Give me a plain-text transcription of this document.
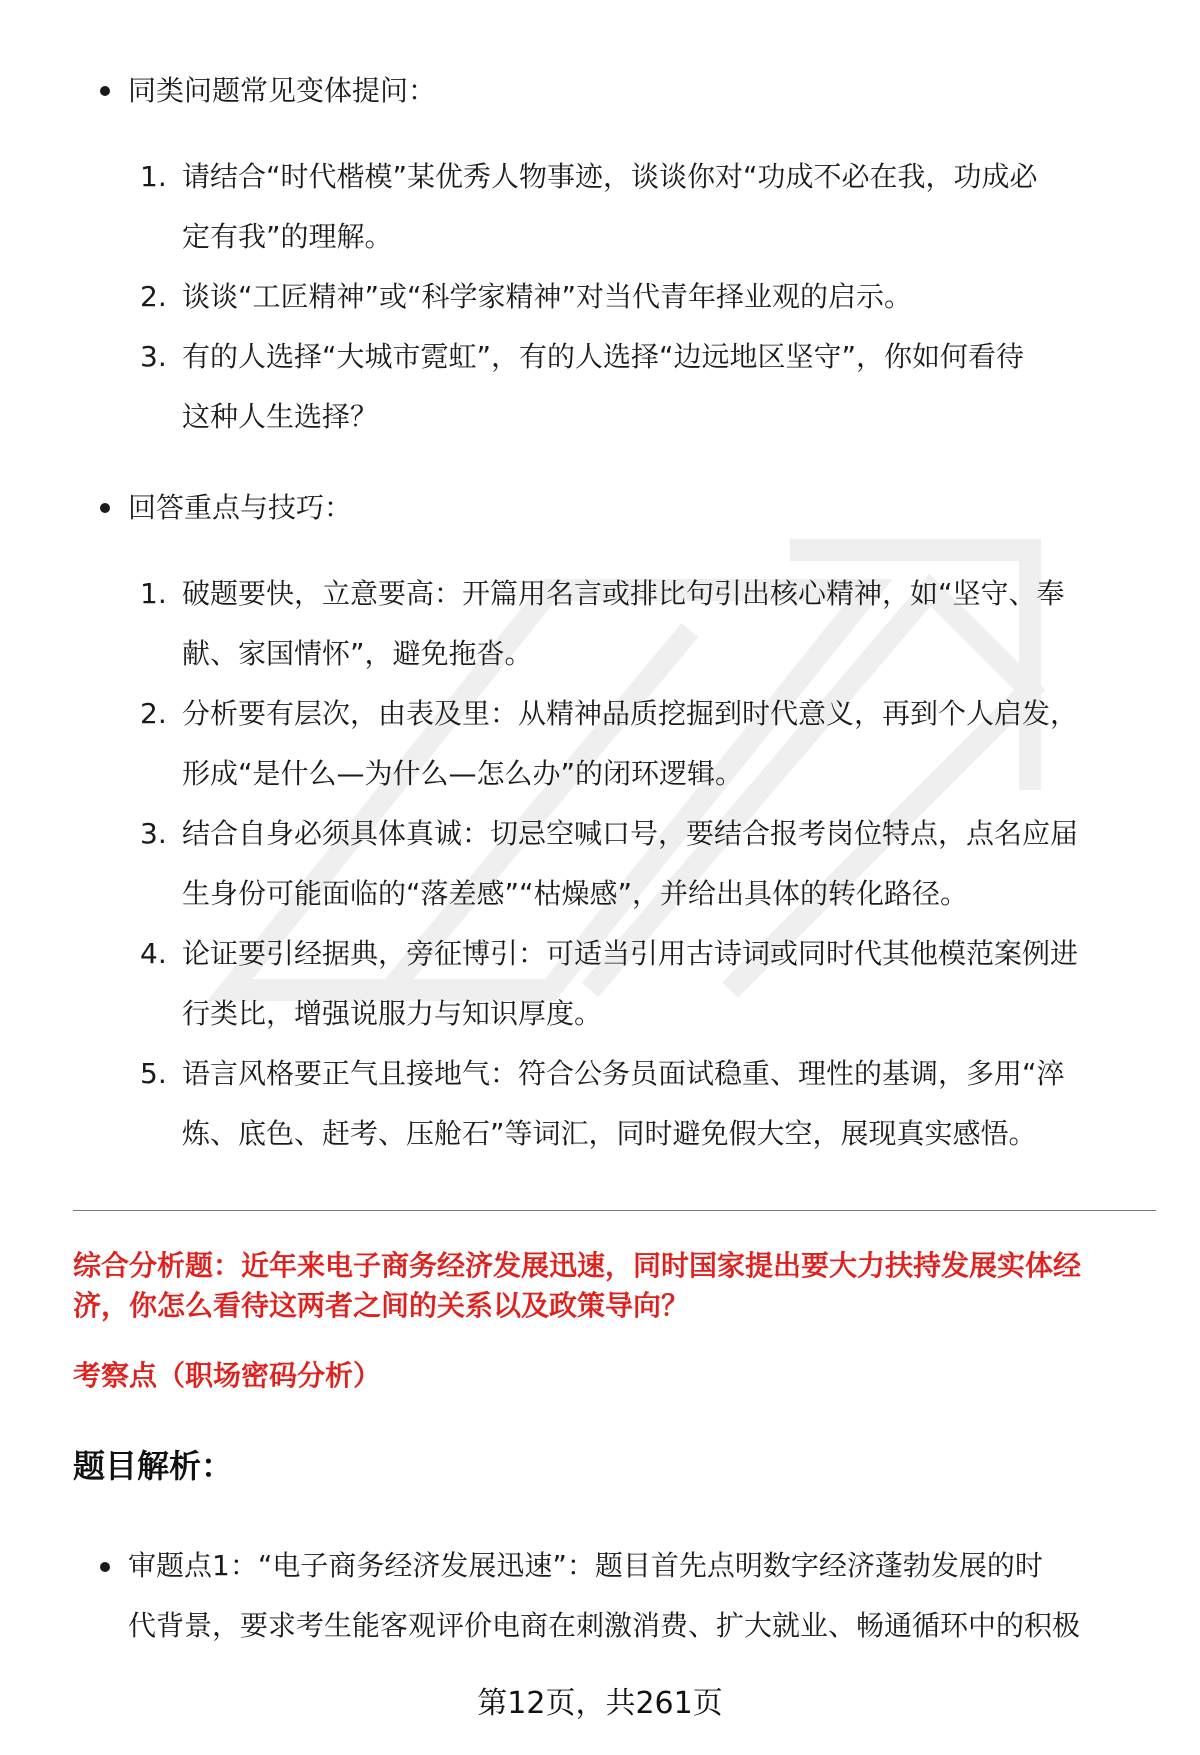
同类问题常见变体提问：
1. 请结合“时代楷模”某优秀人物事迹，谈谈你对“功成不必在我，功成必
定有我”的理解。
2. 谈谈“工匠精神”或“科学家精神”对当代青年择业观的启示。
3. 有的人选择“大城市霓虹”，有的人选择“边远地区坚守”，你如何看待
这种人生选择？
回答重点与技巧：
1. 破题要快，立意要高：开篇用名言或排比句引出核心精神，如“坚守、奉
献、家国情怀”，避免拖沓。
2. 分析要有层次，由表及里：从精神品质挖掘到时代意义，再到个人启发，
形成“是什么—为什么—怎么办”的闭环逻辑。
3. 结合自身必须具体真诚：切忌空喊口号，要结合报考岗位特点，点名应届
生身份可能面临的“落差感”“枯燥感”，并给出具体的转化路径。
4. 论证要引经据典，旁征博引：可适当引用古诗词或同时代其他模范案例进
行类比，增强说服力与知识厚度。
5. 语言风格要正气且接地气：符合公务员面试稳重、理性的基调，多用“淬
炼、底色、赶考、压舱石”等词汇，同时避免假大空，展现真实感悟。
综合分析题：近年来电子商务经济发展迅速，同时国家提出要大力扶持发展实体经
济，你怎么看待这两者之间的关系以及政策导向？
考察点（职场密码分析）
题目解析：
审题点1：“电子商务经济发展迅速”：题目首先点明数字经济蓬勃发展的时
代背景，要求考生能客观评价电商在刺激消费、扩大就业、畅通循环中的积极
第12页，共261页
